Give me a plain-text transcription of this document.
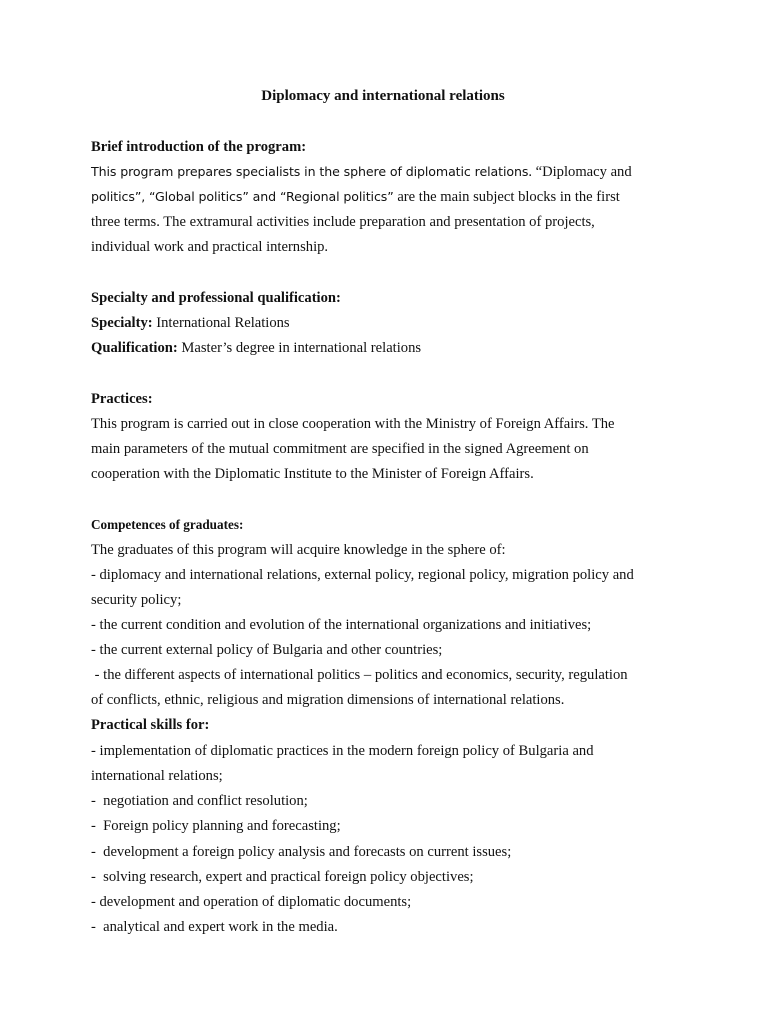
Diplomacy and international relations

Brief introduction of the program:

This program prepares specialists in the sphere of diplomatic relations. “Diplomacy and

politics”, “Global politics” and “Regional politics” are the main subject blocks in the first

three terms. The extramural activities include preparation and presentation of projects,

individual work and practical internship.

Specialty and professional qualification:

Specialty: International Relations

Qualification: Master’s degree in international relations

Practices:

This program is carried out in close cooperation with the Ministry of Foreign Affairs. The

main parameters of the mutual commitment are specified in the signed Agreement on

cooperation with the Diplomatic Institute to the Minister of Foreign Affairs.

Competences of graduates:

The graduates of this program will acquire knowledge in the sphere of:

- diplomacy and international relations, external policy, regional policy, migration policy and

security policy;

- the current condition and evolution of the international organizations and initiatives;

- the current external policy of Bulgaria and other countries;

- the different aspects of international politics – politics and economics, security, regulation

of conflicts, ethnic, religious and migration dimensions of international relations.

Practical skills for:

- implementation of diplomatic practices in the modern foreign policy of Bulgaria and

international relations;

-  negotiation and conflict resolution;

-  Foreign policy planning and forecasting;

-  development a foreign policy analysis and forecasts on current issues;

-  solving research, expert and practical foreign policy objectives;

- development and operation of diplomatic documents;

-  analytical and expert work in the media.
